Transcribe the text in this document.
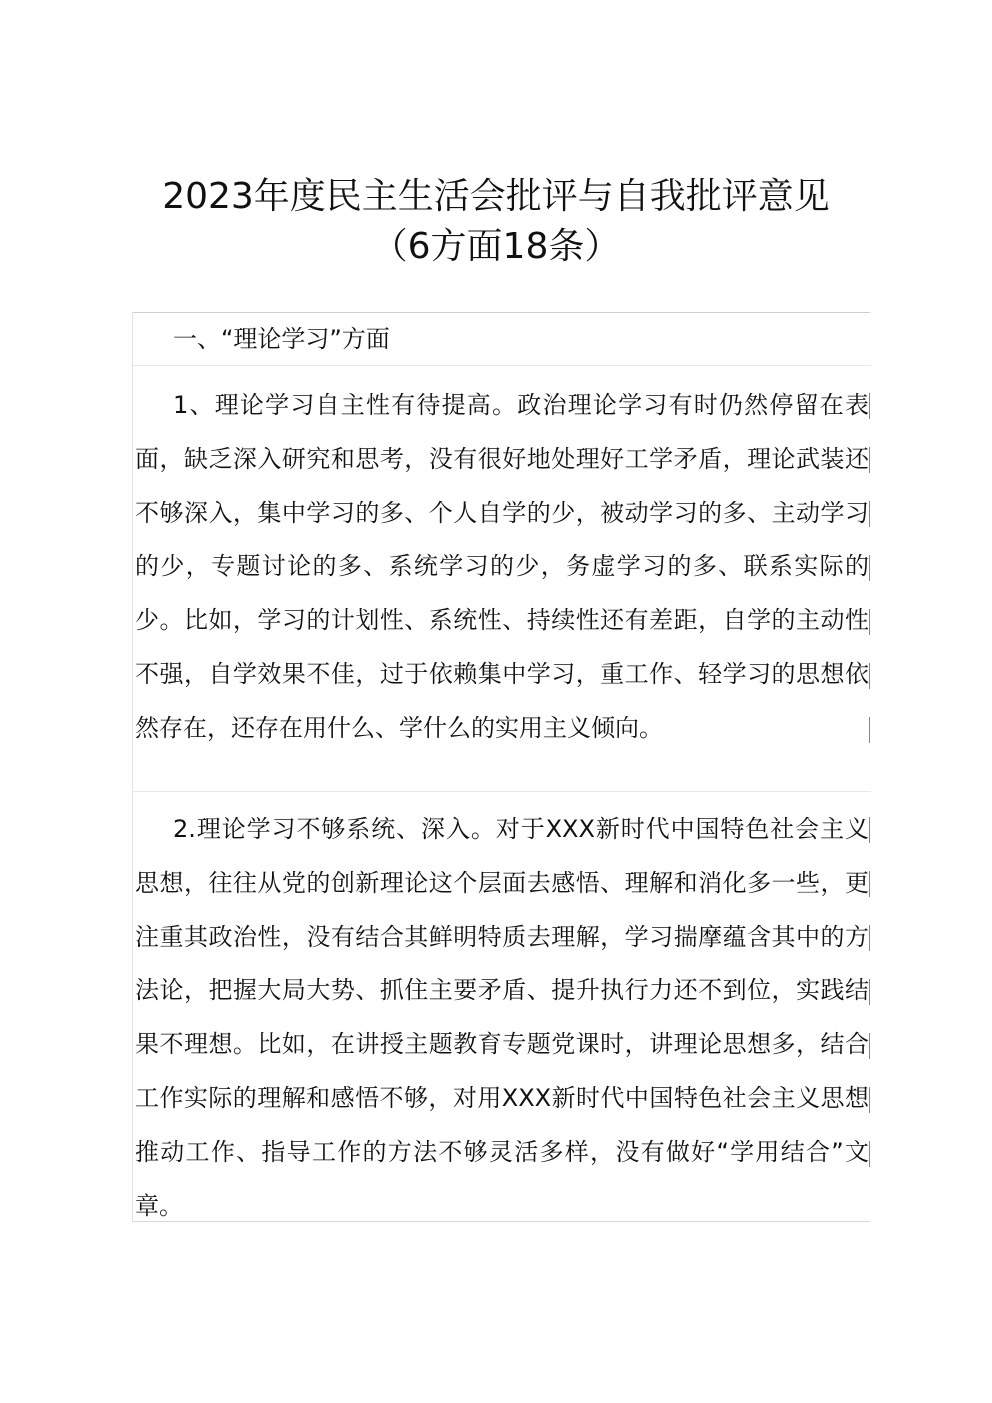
2023年度民主生活会批评与自我批评意见
（6方面18条）
一、“理论学习”方面

1、理论学习自主性有待提高。政治理论学习有时仍然停留在表面，缺乏深入研究和思考，没有很好地处理好工学矛盾，理论武装还不够深入，集中学习的多、个人自学的少，被动学习的多、主动学习的少，专题讨论的多、系统学习的少，务虚学习的多、联系实际的少。比如，学习的计划性、系统性、持续性还有差距，自学的主动性不强，自学效果不佳，过于依赖集中学习，重工作、轻学习的思想依然存在，还存在用什么、学什么的实用主义倾向。

2.理论学习不够系统、深入。对于XXX新时代中国特色社会主义思想，往往从党的创新理论这个层面去感悟、理解和消化多一些，更注重其政治性，没有结合其鲜明特质去理解，学习揣摩蕴含其中的方法论，把握大局大势、抓住主要矛盾、提升执行力还不到位，实践结果不理想。比如，在讲授主题教育专题党课时，讲理论思想多，结合工作实际的理解和感悟不够，对用XXX新时代中国特色社会主义思想推动工作、指导工作的方法不够灵活多样，没有做好“学用结合”文章。
